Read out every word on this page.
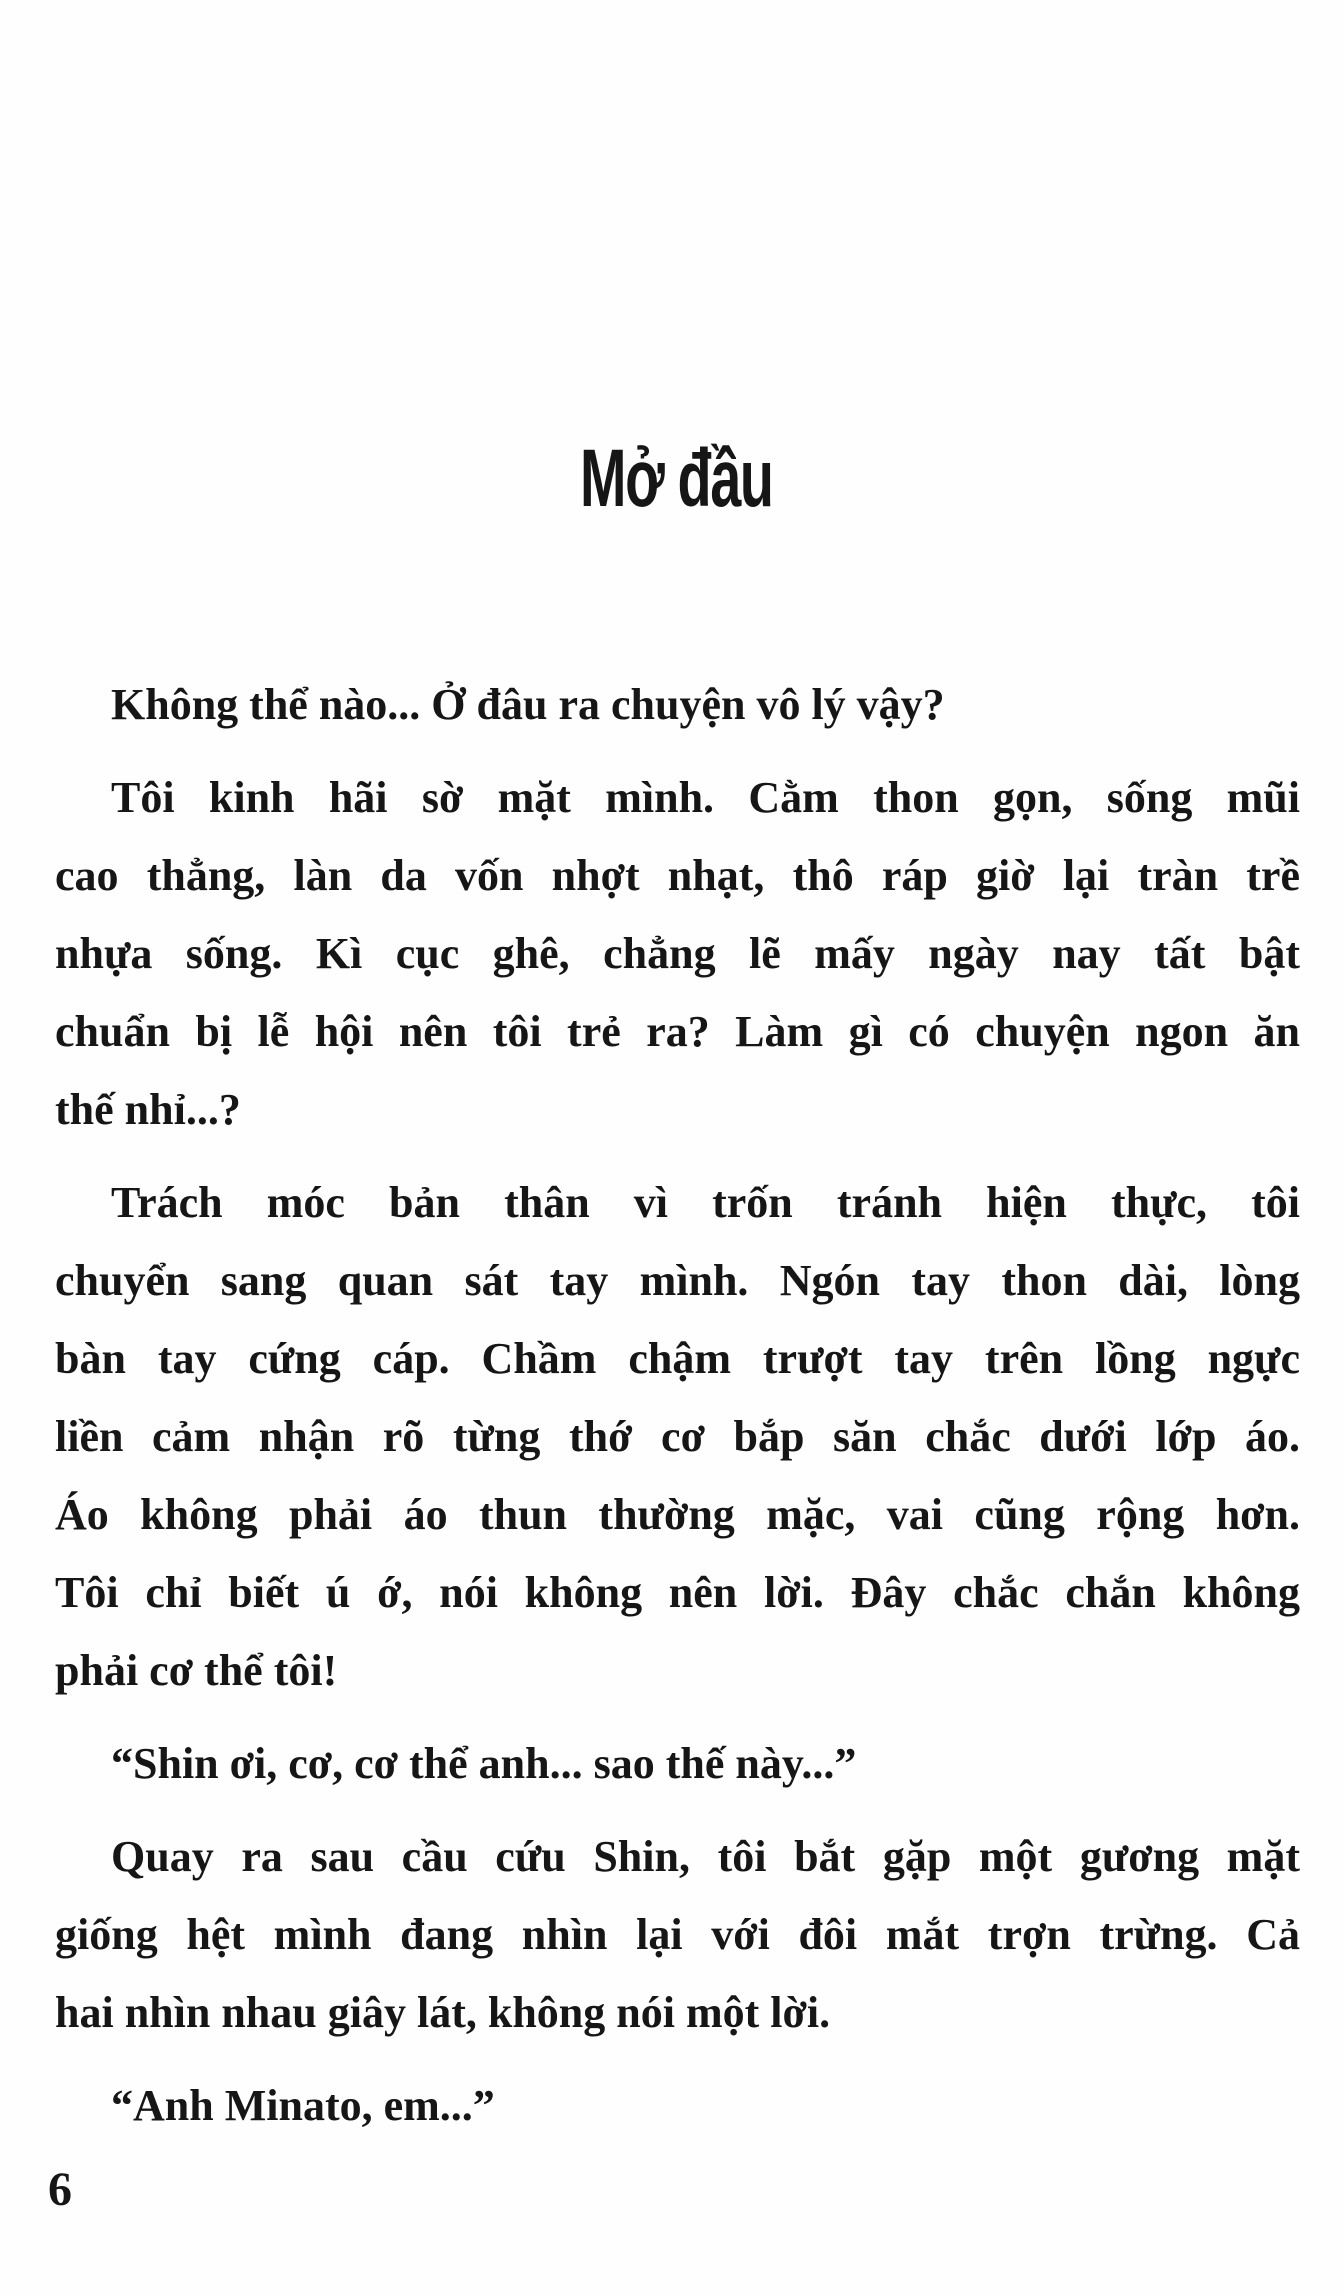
Mở đầu
Không thể nào... Ở đâu ra chuyện vô lý vậy?
Tôi kinh hãi sờ mặt mình. Cằm thon gọn, sống mũi
cao thẳng, làn da vốn nhợt nhạt, thô ráp giờ lại tràn trề
nhựa sống. Kì cục ghê, chẳng lẽ mấy ngày nay tất bật
chuẩn bị lễ hội nên tôi trẻ ra? Làm gì có chuyện ngon ăn
thế nhỉ...?
Trách móc bản thân vì trốn tránh hiện thực, tôi
chuyển sang quan sát tay mình. Ngón tay thon dài, lòng
bàn tay cứng cáp. Chầm chậm trượt tay trên lồng ngực
liền cảm nhận rõ từng thớ cơ bắp săn chắc dưới lớp áo.
Áo không phải áo thun thường mặc, vai cũng rộng hơn.
Tôi chỉ biết ú ớ, nói không nên lời. Đây chắc chắn không
phải cơ thể tôi!
“Shin ơi, cơ, cơ thể anh... sao thế này...”
Quay ra sau cầu cứu Shin, tôi bắt gặp một gương mặt
giống hệt mình đang nhìn lại với đôi mắt trợn trừng. Cả
hai nhìn nhau giây lát, không nói một lời.
“Anh Minato, em...”
6
